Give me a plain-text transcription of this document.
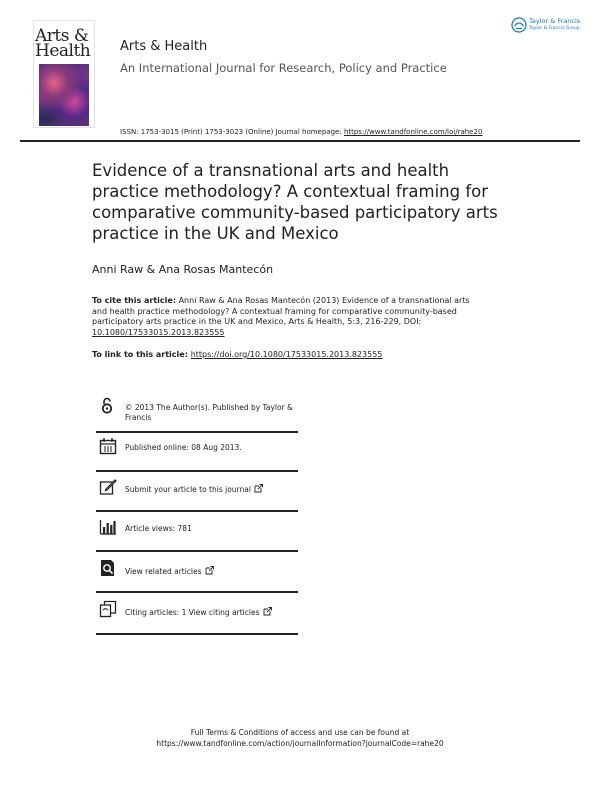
Arts &
Health	Arts & Health
An International Journal for Research, Policy and Practice
Taylor & Francis
Taylor & Francis Group
ISSN: 1753-3015 (Print) 1753-3023 (Online) Journal homepage: https://www.tandfonline.com/loi/rahe20
Evidence of a transnational arts and health practice methodology? A contextual framing for comparative community-based participatory arts practice in the UK and Mexico
Anni Raw & Ana Rosas Mantecón
To cite this article: Anni Raw & Ana Rosas Mantecón (2013) Evidence of a transnational arts and health practice methodology? A contextual framing for comparative community-based participatory arts practice in the UK and Mexico, Arts & Health, 5:3, 216-229, DOI: 10.1080/17533015.2013.823555
To link to this article: https://doi.org/10.1080/17533015.2013.823555
© 2013 The Author(s). Published by Taylor & Francis
Published online: 08 Aug 2013.
Submit your article to this journal
Article views: 781
View related articles
Citing articles: 1 View citing articles
Full Terms & Conditions of access and use can be found at
https://www.tandfonline.com/action/journalInformation?journalCode=rahe20
